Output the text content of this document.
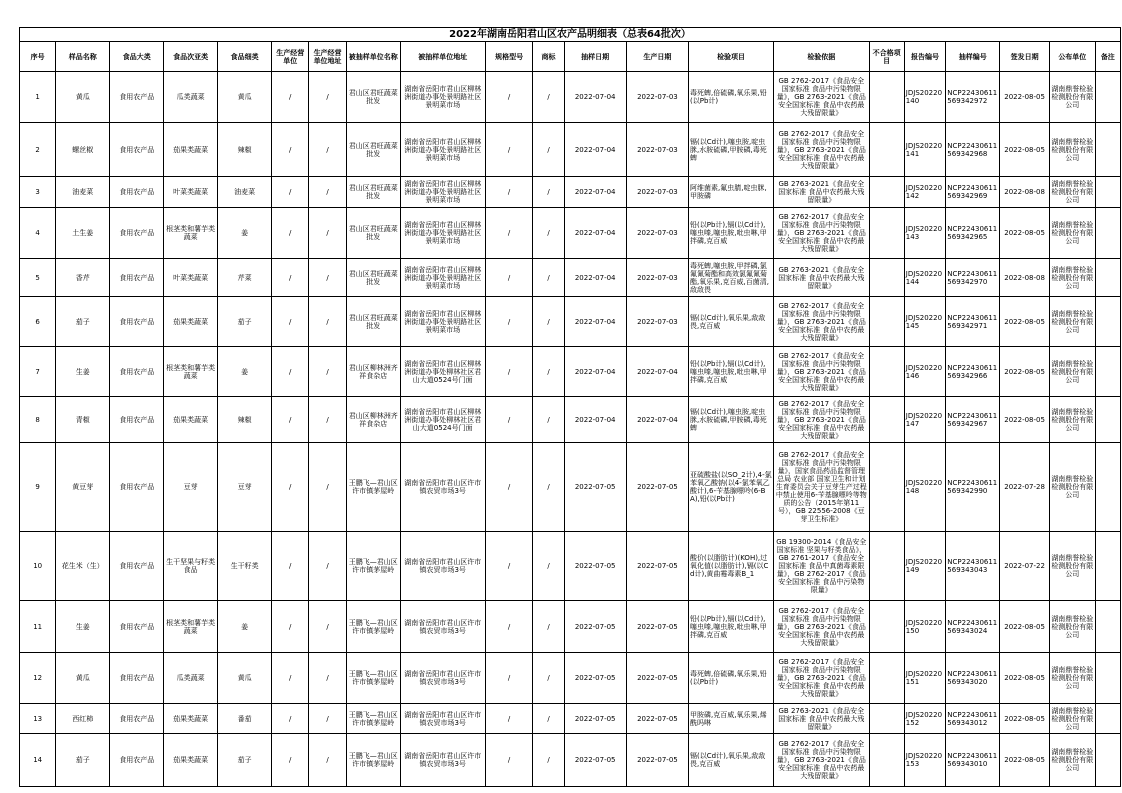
2022年湖南岳阳君山区农产品明细表（总表64批次）																				
序号	样品名称	食品大类	食品次亚类	食品细类	生产经营单位	生产经营单位地址	被抽样单位名称	被抽样单位地址	规格型号	商标	抽样日期	生产日期	检验项目	检验依据	不合格项目	报告编号	抽样编号	签发日期	公布单位	备注
1	黄瓜	食用农产品	瓜类蔬菜	黄瓜	/	/	君山区君旺蔬菜批发	湖南省岳阳市君山区柳林洲街道办事处景明路社区景明菜市场	/	/	2022-07-04	2022-07-03	毒死蜱,倍硫磷,氧乐果,铅(以Pb计)	GB 2762-2017《食品安全国家标准 食品中污染物限量》，GB 2763-2021《食品安全国家标准 食品中农药最大残留限量》		JDJS20220140	NCP22430611569342972	2022-08-05	湖南鼎誉检验检测股份有限公司	
2	螺丝椒	食用农产品	茄果类蔬菜	辣椒	/	/	君山区君旺蔬菜批发	湖南省岳阳市君山区柳林洲街道办事处景明路社区景明菜市场	/	/	2022-07-04	2022-07-03	镉(以Cd计),噻虫胺,啶虫脒,水胺硫磷,甲胺磷,毒死蜱	GB 2762-2017《食品安全国家标准 食品中污染物限量》，GB 2763-2021《食品安全国家标准 食品中农药最大残留限量》		JDJS20220141	NCP22430611569342968	2022-08-05	湖南鼎誉检验检测股份有限公司	
3	油麦菜	食用农产品	叶菜类蔬菜	油麦菜	/	/	君山区君旺蔬菜批发	湖南省岳阳市君山区柳林洲街道办事处景明路社区景明菜市场	/	/	2022-07-04	2022-07-03	阿维菌素,氟虫腈,啶虫脒,甲胺磷	GB 2763-2021《食品安全国家标准 食品中农药最大残留限量》		JDJS20220142	NCP22430611569342969	2022-08-08	湖南鼎誉检验检测股份有限公司	
4	土生姜	食用农产品	根茎类和薯芋类蔬菜	姜	/	/	君山区君旺蔬菜批发	湖南省岳阳市君山区柳林洲街道办事处景明路社区景明菜市场	/	/	2022-07-04	2022-07-03	铅(以Pb计),镉(以Cd计),噻虫嗪,噻虫胺,吡虫啉,甲拌磷,克百威	GB 2762-2017《食品安全国家标准 食品中污染物限量》，GB 2763-2021《食品安全国家标准 食品中农药最大残留限量》		JDJS20220143	NCP22430611569342965	2022-08-05	湖南鼎誉检验检测股份有限公司	
5	香芹	食用农产品	叶菜类蔬菜	芹菜	/	/	君山区君旺蔬菜批发	湖南省岳阳市君山区柳林洲街道办事处景明路社区景明菜市场	/	/	2022-07-04	2022-07-03	毒死蜱,噻虫胺,甲拌磷,氯氟氰菊酯和高效氯氟氰菊酯,氧乐果,克百威,百菌清,敌敌畏	GB 2763-2021《食品安全国家标准 食品中农药最大残留限量》		JDJS20220144	NCP22430611569342970	2022-08-08	湖南鼎誉检验检测股份有限公司	
6	茄子	食用农产品	茄果类蔬菜	茄子	/	/	君山区君旺蔬菜批发	湖南省岳阳市君山区柳林洲街道办事处景明路社区景明菜市场	/	/	2022-07-04	2022-07-03	镉(以Cd计),氧乐果,敌敌畏,克百威	GB 2762-2017《食品安全国家标准 食品中污染物限量》，GB 2763-2021《食品安全国家标准 食品中农药最大残留限量》		JDJS20220145	NCP22430611569342971	2022-08-05	湖南鼎誉检验检测股份有限公司	
7	生姜	食用农产品	根茎类和薯芋类蔬菜	姜	/	/	君山区柳林洲齐祥食杂店	湖南省岳阳市君山区柳林洲街道办事处柳林社区君山大道0524号门面	/	/	2022-07-04	2022-07-04	铅(以Pb计),镉(以Cd计),噻虫嗪,噻虫胺,吡虫啉,甲拌磷,克百威	GB 2762-2017《食品安全国家标准 食品中污染物限量》，GB 2763-2021《食品安全国家标准 食品中农药最大残留限量》		JDJS20220146	NCP22430611569342966	2022-08-05	湖南鼎誉检验检测股份有限公司	
8	青椒	食用农产品	茄果类蔬菜	辣椒	/	/	君山区柳林洲齐祥食杂店	湖南省岳阳市君山区柳林洲街道办事处柳林社区君山大道0524号门面	/	/	2022-07-04	2022-07-04	镉(以Cd计),噻虫胺,啶虫脒,水胺硫磷,甲胺磷,毒死蜱	GB 2762-2017《食品安全国家标准 食品中污染物限量》，GB 2763-2021《食品安全国家标准 食品中农药最大残留限量》		JDJS20220147	NCP22430611569342967	2022-08-05	湖南鼎誉检验检测股份有限公司	
9	黄豆芽	食用农产品	豆芽	豆芽	/	/	王鹏飞—君山区许市镇茅屋岭	湖南省岳阳市君山区许市镇农贸市场3号	/	/	2022-07-05	2022-07-05	亚硫酸盐(以SO_2计),4-氯苯氧乙酸钠(以4-氯苯氧乙酸计),6-苄基腺嘌呤(6-BA),铅(以Pb计)	GB 2762-2017《食品安全国家标准 食品中污染物限量》，国家食品药品监督管理总局 农业部 国家卫生和计划生育委员会关于豆芽生产过程中禁止使用6-苄基腺嘌呤等物质的公告（2015年第11号），GB 22556-2008《豆芽卫生标准》		JDJS20220148	NCP22430611569342990	2022-07-28	湖南鼎誉检验检测股份有限公司	
10	花生米（生）	食用农产品	生干坚果与籽类食品	生干籽类	/	/	王鹏飞—君山区许市镇茅屋岭	湖南省岳阳市君山区许市镇农贸市场3号	/	/	2022-07-05	2022-07-05	酸价(以脂肪计)(KOH),过氧化值(以脂肪计),镉(以Cd计),黄曲霉毒素B_1	GB 19300-2014《食品安全国家标准 坚果与籽类食品》，GB 2761-2017《食品安全国家标准 食品中真菌毒素限量》，GB 2762-2017《食品安全国家标准 食品中污染物限量》		JDJS20220149	NCP22430611569343043	2022-07-22	湖南鼎誉检验检测股份有限公司	
11	生姜	食用农产品	根茎类和薯芋类蔬菜	姜	/	/	王鹏飞—君山区许市镇茅屋岭	湖南省岳阳市君山区许市镇农贸市场3号	/	/	2022-07-05	2022-07-05	铅(以Pb计),镉(以Cd计),噻虫嗪,噻虫胺,吡虫啉,甲拌磷,克百威	GB 2762-2017《食品安全国家标准 食品中污染物限量》，GB 2763-2021《食品安全国家标准 食品中农药最大残留限量》		JDJS20220150	NCP22430611569343024	2022-08-05	湖南鼎誉检验检测股份有限公司	
12	黄瓜	食用农产品	瓜类蔬菜	黄瓜	/	/	王鹏飞—君山区许市镇茅屋岭	湖南省岳阳市君山区许市镇农贸市场3号	/	/	2022-07-05	2022-07-05	毒死蜱,倍硫磷,氧乐果,铅(以Pb计)	GB 2762-2017《食品安全国家标准 食品中污染物限量》，GB 2763-2021《食品安全国家标准 食品中农药最大残留限量》		JDJS20220151	NCP22430611569343020	2022-08-05	湖南鼎誉检验检测股份有限公司	
13	西红柿	食用农产品	茄果类蔬菜	番茄	/	/	王鹏飞—君山区许市镇茅屋岭	湖南省岳阳市君山区许市镇农贸市场3号	/	/	2022-07-05	2022-07-05	甲胺磷,克百威,氧乐果,烯酰吗啉	GB 2763-2021《食品安全国家标准 食品中农药最大残留限量》		JDJS20220152	NCP22430611569343012	2022-08-05	湖南鼎誉检验检测股份有限公司	
14	茄子	食用农产品	茄果类蔬菜	茄子	/	/	王鹏飞—君山区许市镇茅屋岭	湖南省岳阳市君山区许市镇农贸市场3号	/	/	2022-07-05	2022-07-05	镉(以Cd计),氧乐果,敌敌畏,克百威	GB 2762-2017《食品安全国家标准 食品中污染物限量》，GB 2763-2021《食品安全国家标准 食品中农药最大残留限量》		JDJS20220153	NCP22430611569343010	2022-08-05	湖南鼎誉检验检测股份有限公司	
